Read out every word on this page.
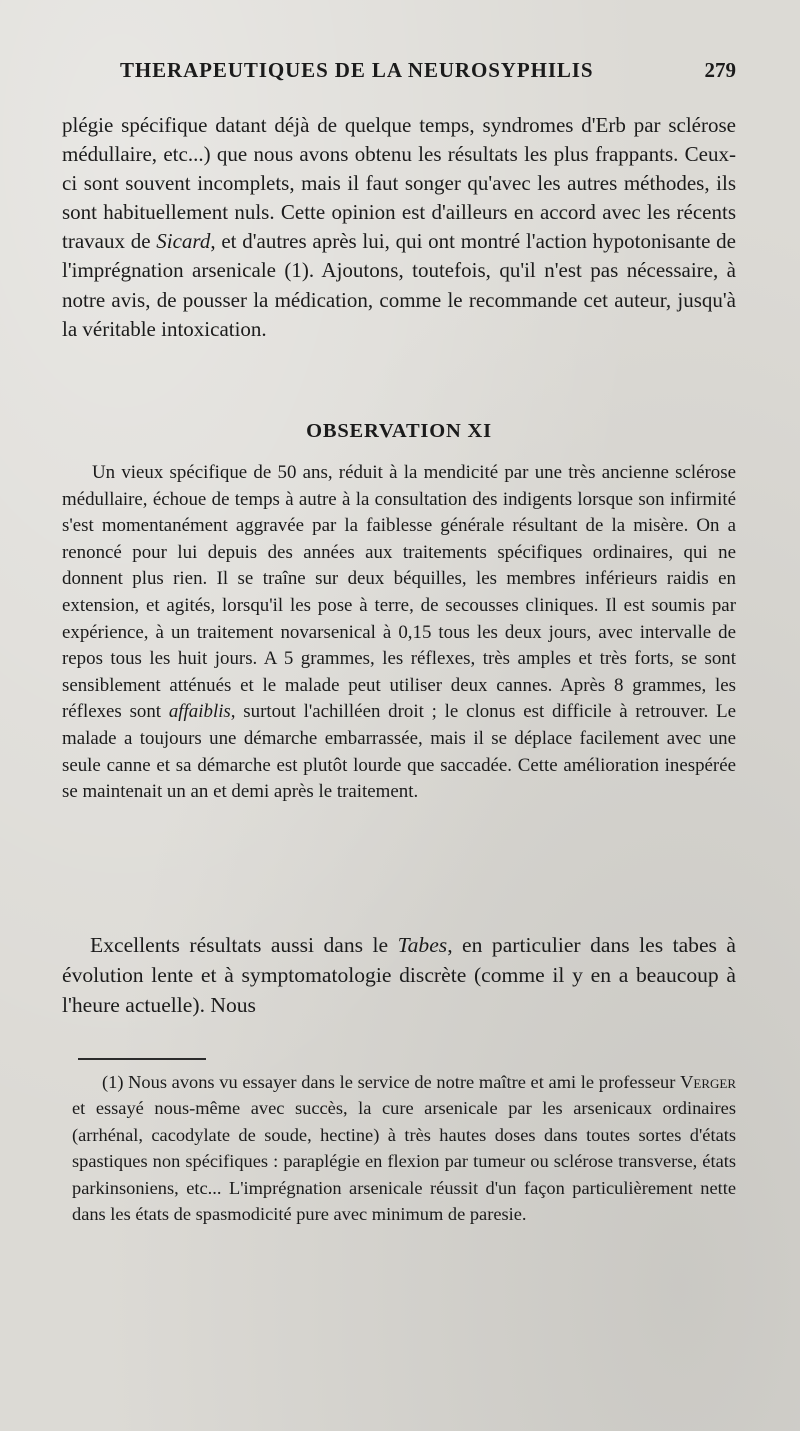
THERAPEUTIQUES DE LA NEUROSYPHILIS	279

plégie spécifique datant déjà de quelque temps, syndromes d'Erb par sclérose médullaire, etc...) que nous avons obtenu les résultats les plus frappants. Ceux-ci sont souvent incomplets, mais il faut songer qu'avec les autres méthodes, ils sont habituellement nuls. Cette opinion est d'ailleurs en accord avec les récents travaux de Sicard, et d'autres après lui, qui ont montré l'action hypotonisante de l'imprégnation arsenicale (1). Ajoutons, toutefois, qu'il n'est pas nécessaire, à notre avis, de pousser la médication, comme le recommande cet auteur, jusqu'à la véritable intoxication.

OBSERVATION XI

Un vieux spécifique de 50 ans, réduit à la mendicité par une très ancienne sclérose médullaire, échoue de temps à autre à la consultation des indigents lorsque son infirmité s'est momentanément aggravée par la faiblesse générale résultant de la misère. On a renoncé pour lui depuis des années aux traitements spécifiques ordinaires, qui ne donnent plus rien. Il se traîne sur deux béquilles, les membres inférieurs raidis en extension, et agités, lorsqu'il les pose à terre, de secousses cliniques. Il est soumis par expérience, à un traitement novarsenical à 0,15 tous les deux jours, avec intervalle de repos tous les huit jours. A 5 grammes, les réflexes, très amples et très forts, se sont sensiblement atténués et le malade peut utiliser deux cannes. Après 8 grammes, les réflexes sont affaiblis, surtout l'achilléen droit ; le clonus est difficile à retrouver. Le malade a toujours une démarche embarrassée, mais il se déplace facilement avec une seule canne et sa démarche est plutôt lourde que saccadée. Cette amélioration inespérée se maintenait un an et demi après le traitement.

Excellents résultats aussi dans le Tabes, en particulier dans les tabes à évolution lente et à symptomatologie discrète (comme il y en a beaucoup à l'heure actuelle). Nous

(1) Nous avons vu essayer dans le service de notre maître et ami le professeur Verger et essayé nous-même avec succès, la cure arsenicale par les arsenicaux ordinaires (arrhénal, cacodylate de soude, hectine) à très hautes doses dans toutes sortes d'états spastiques non spécifiques : paraplégie en flexion par tumeur ou sclérose transverse, états parkinsoniens, etc... L'imprégnation arsenicale réussit d'un façon particulièrement nette dans les états de spasmodicité pure avec minimum de paresie.
